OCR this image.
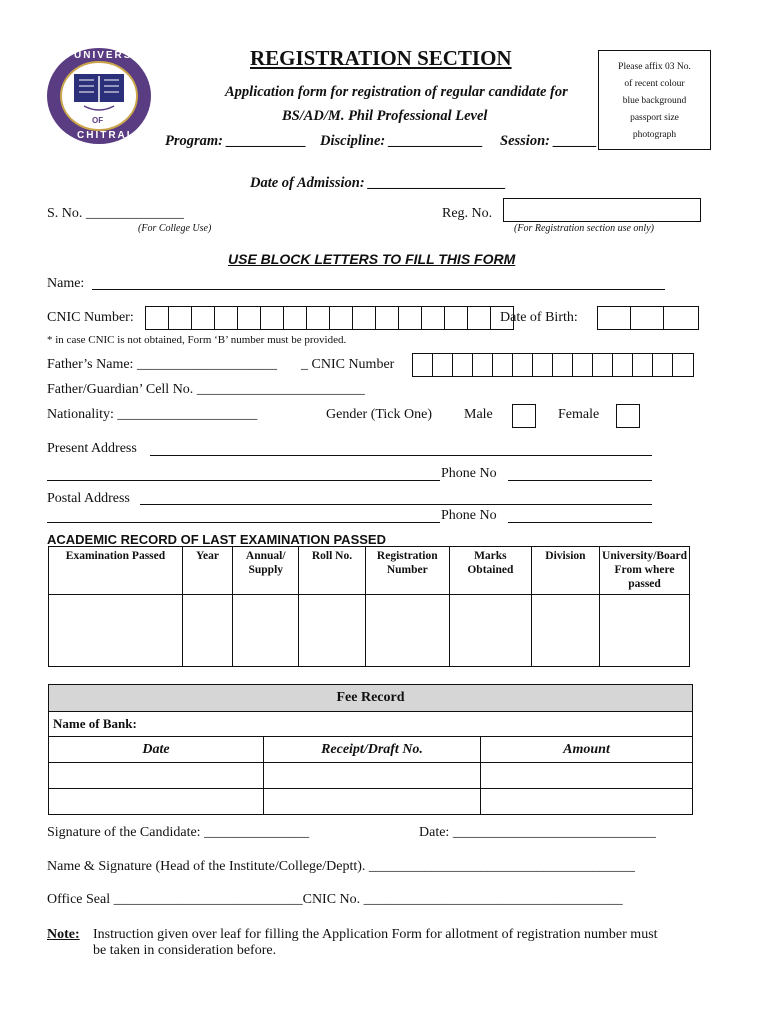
UNIVERSITY
OF
CHITRAL
REGISTRATION SECTION
Application form for registration of regular candidate for
BS/AD/M. Phil Professional Level
Program: ___________ Discipline: _____________ Session: ______
Please affix 03 No.
of recent colour
blue background
passport size
photograph
Date of Admission: ___________________
S. No. ______________
(For College Use)
Reg. No.
(For Registration section use only)
USE BLOCK LETTERS TO FILL THIS FORM
Name:
CNIC Number:	Date of Birth:
* in case CNIC is not obtained, Form ‘B’ number must be provided.
Father’s Name: ____________________ _ CNIC Number
Father/Guardian’ Cell No. ________________________
Nationality: ____________________	Gender (Tick One) Male	Female
Present Address
Phone No
Postal Address
Phone No
ACADEMIC RECORD OF LAST EXAMINATION PASSED
Examination Passed	Year	Annual/ Supply	Roll No.	Registration Number	Marks Obtained	Division	University/Board From where passed

Fee Record		
Name of Bank:		
Date	Receipt/Draft No.	Amount

Signature of the Candidate: _______________	Date: _____________________________
Name & Signature (Head of the Institute/College/Deptt). ______________________________________
Office Seal ___________________________CNIC No. _____________________________________
Note: Instruction given over leaf for filling the Application Form for allotment of registration number must
be taken in consideration before.
